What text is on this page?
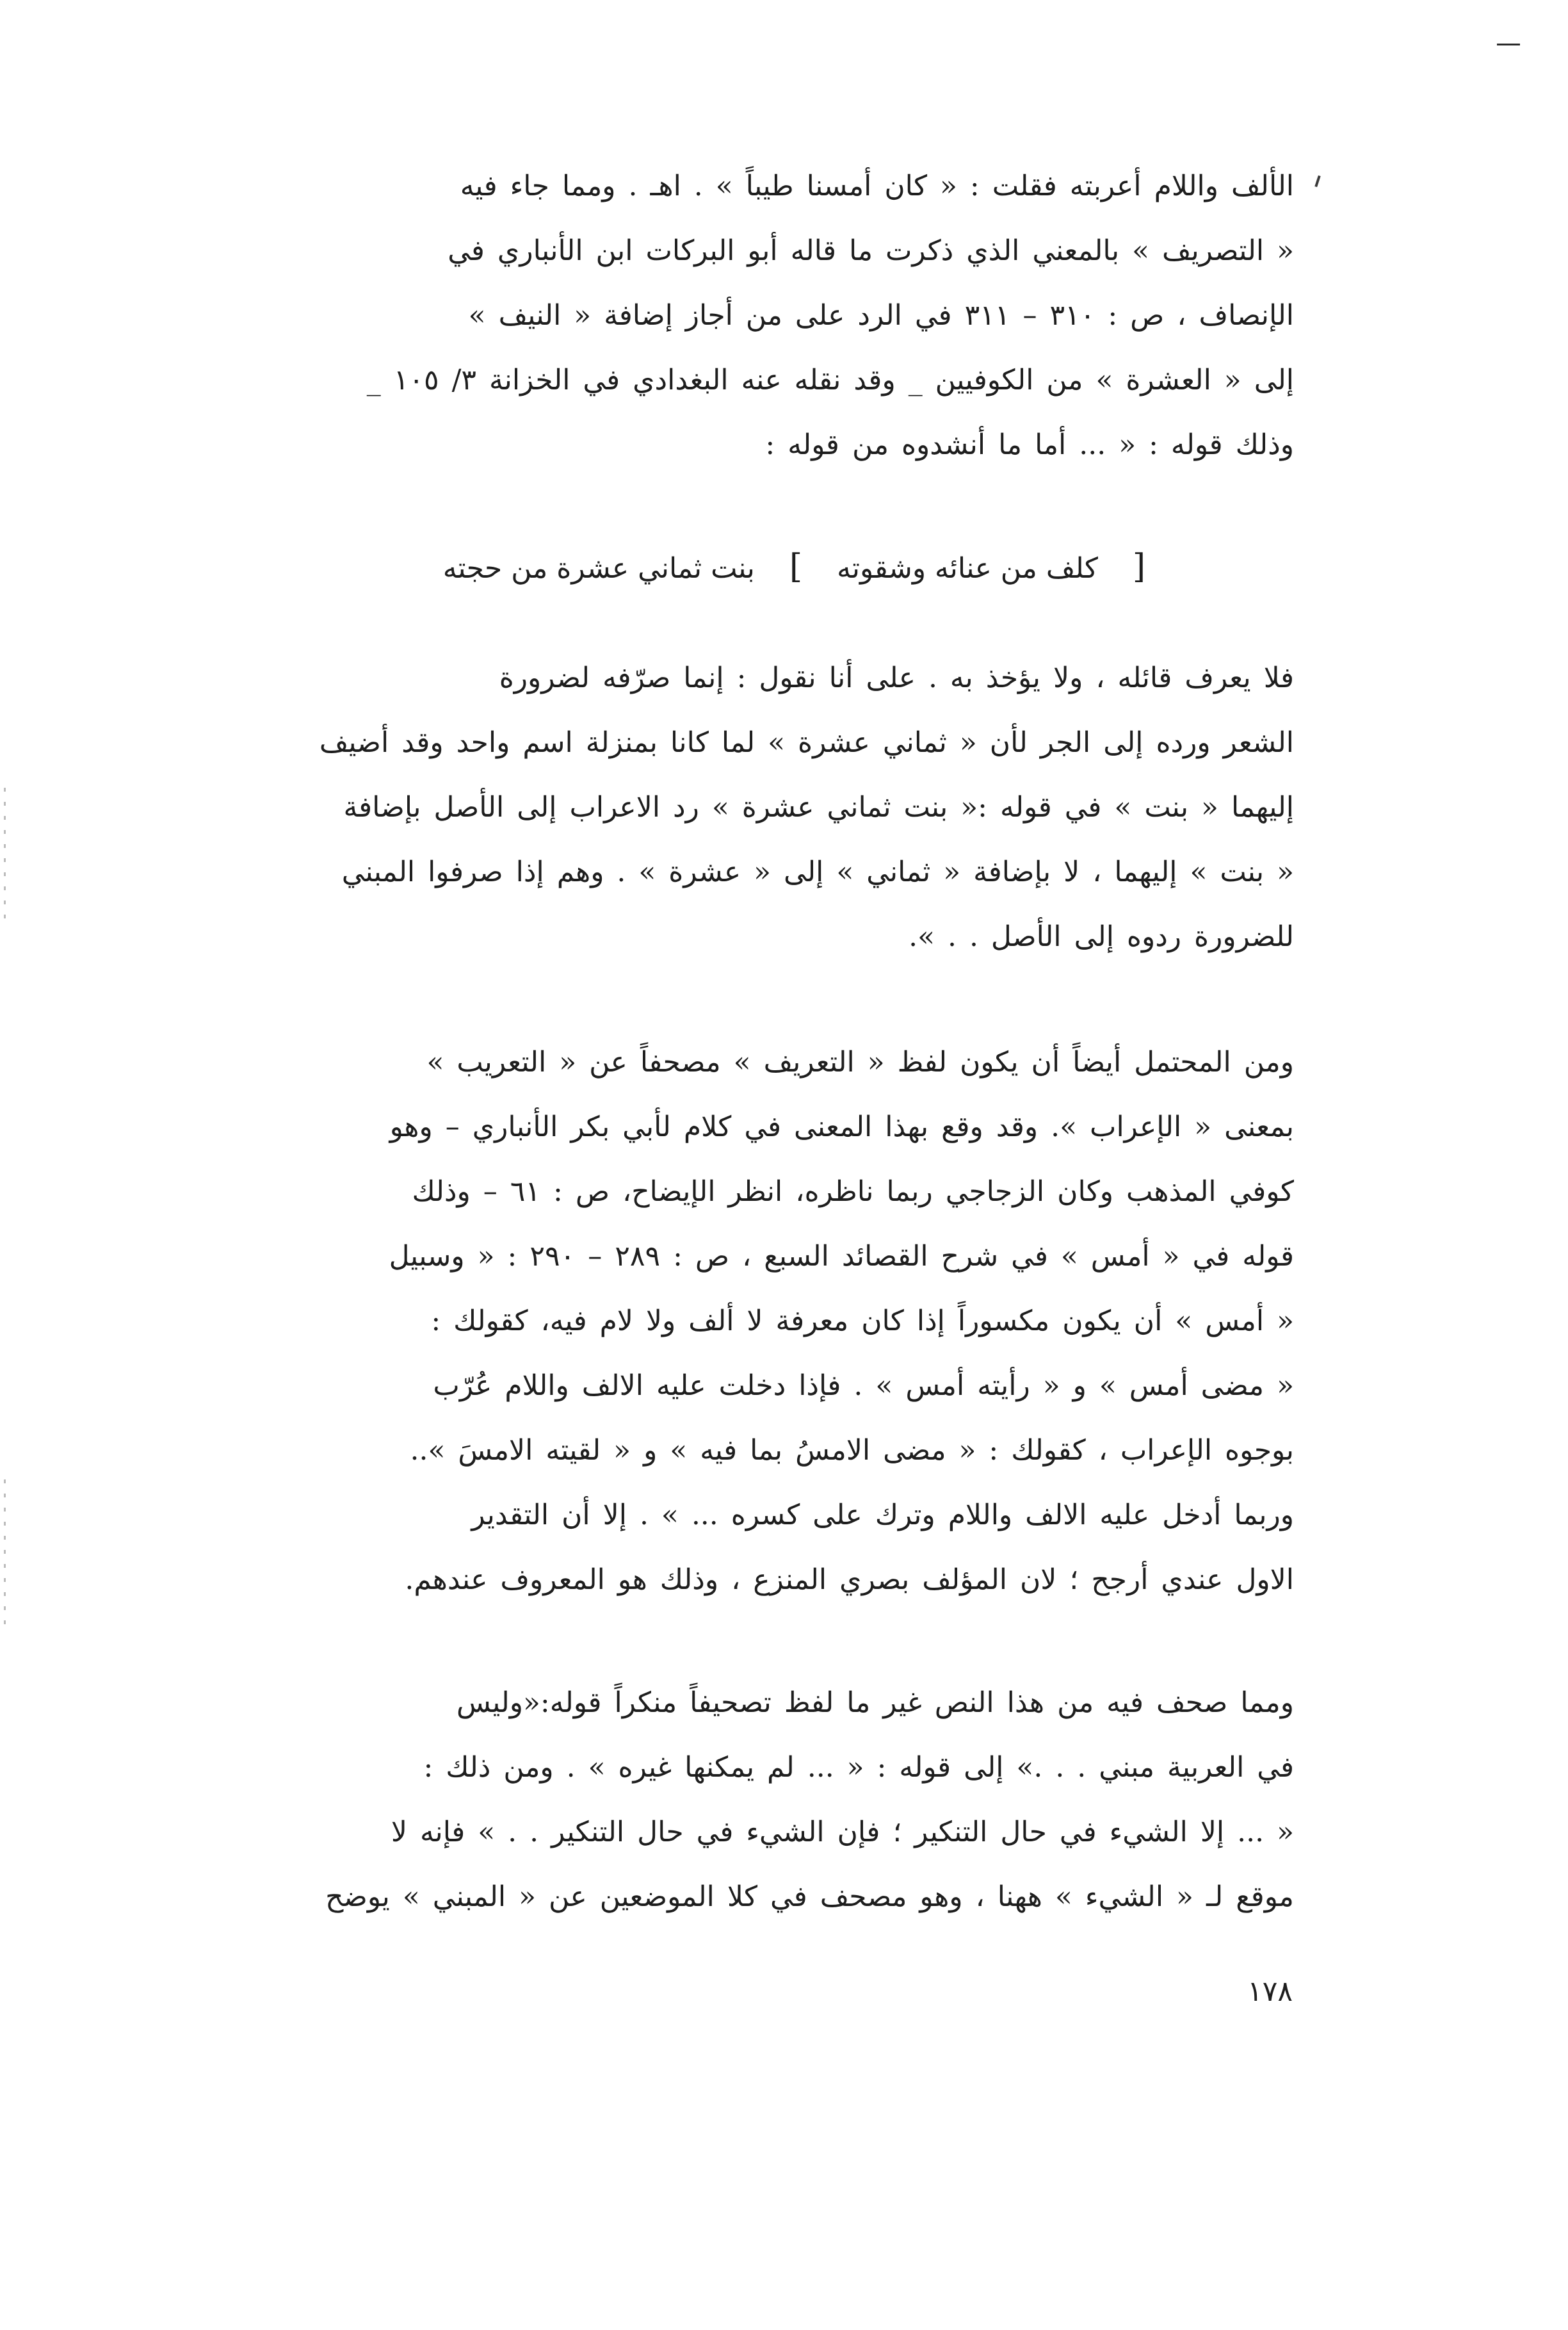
الألف واللام أعربته فقلت : « كان أمسنا طيباً » . اهـ . ومما جاء فيه

« التصريف » بالمعني الذي ذكرت ما قاله أبو البركات ابن الأنباري في

الإنصاف ، ص : ٣١٠ – ٣١١ في الرد على من أجاز إضافة « النيف »

إلى « العشرة » من الكوفيين _ وقد نقله عنه البغدادي في الخزانة ٣/ ١٠٥ _

وذلك قوله : « ... أما ما أنشدوه من قوله :

[ كلف من عنائه وشقوته ] بنت ثماني عشرة من حجته

فلا يعرف قائله ، ولا يؤخذ به . على أنا نقول : إنما صرّفه لضرورة

الشعر ورده إلى الجر لأن « ثماني عشرة » لما كانا بمنزلة اسم واحد وقد أضيف

إليهما « بنت » في قوله :« بنت ثماني عشرة » رد الاعراب إلى الأصل بإضافة

« بنت » إليهما ، لا بإضافة « ثماني » إلى « عشرة » . وهم إذا صرفوا المبني

للضرورة ردوه إلى الأصل . . ».

ومن المحتمل أيضاً أن يكون لفظ « التعريف » مصحفاً عن « التعريب »

بمعنى « الإعراب ». وقد وقع بهذا المعنى في كلام لأبي بكر الأنباري – وهو

كوفي المذهب وكان الزجاجي ربما ناظره، انظر الإيضاح، ص : ٦١ – وذلك

قوله في « أمس » في شرح القصائد السبع ، ص : ٢٨٩ – ٢٩٠ : « وسبيل

« أمس » أن يكون مكسوراً إذا كان معرفة لا ألف ولا لام فيه، كقولك :

« مضى أمس » و « رأيته أمس » . فإذا دخلت عليه الالف واللام عُرّب

بوجوه الإعراب ، كقولك : « مضى الامسُ بما فيه » و « لقيته الامسَ »..

وربما أدخل عليه الالف واللام وترك على كسره ... » . إلا أن التقدير

الاول عندي أرجح ؛ لان المؤلف بصري المنزع ، وذلك هو المعروف عندهم.

ومما صحف فيه من هذا النص غير ما لفظ تصحيفاً منكراً قوله:«وليس

في العربية مبني . . .» إلى قوله : « ... لم يمكنها غيره » . ومن ذلك :

« ... إلا الشيء في حال التنكير ؛ فإن الشيء في حال التنكير . . » فإنه لا

موقع لـ « الشيء » ههنا ، وهو مصحف في كلا الموضعين عن « المبني » يوضح

١٧٨
